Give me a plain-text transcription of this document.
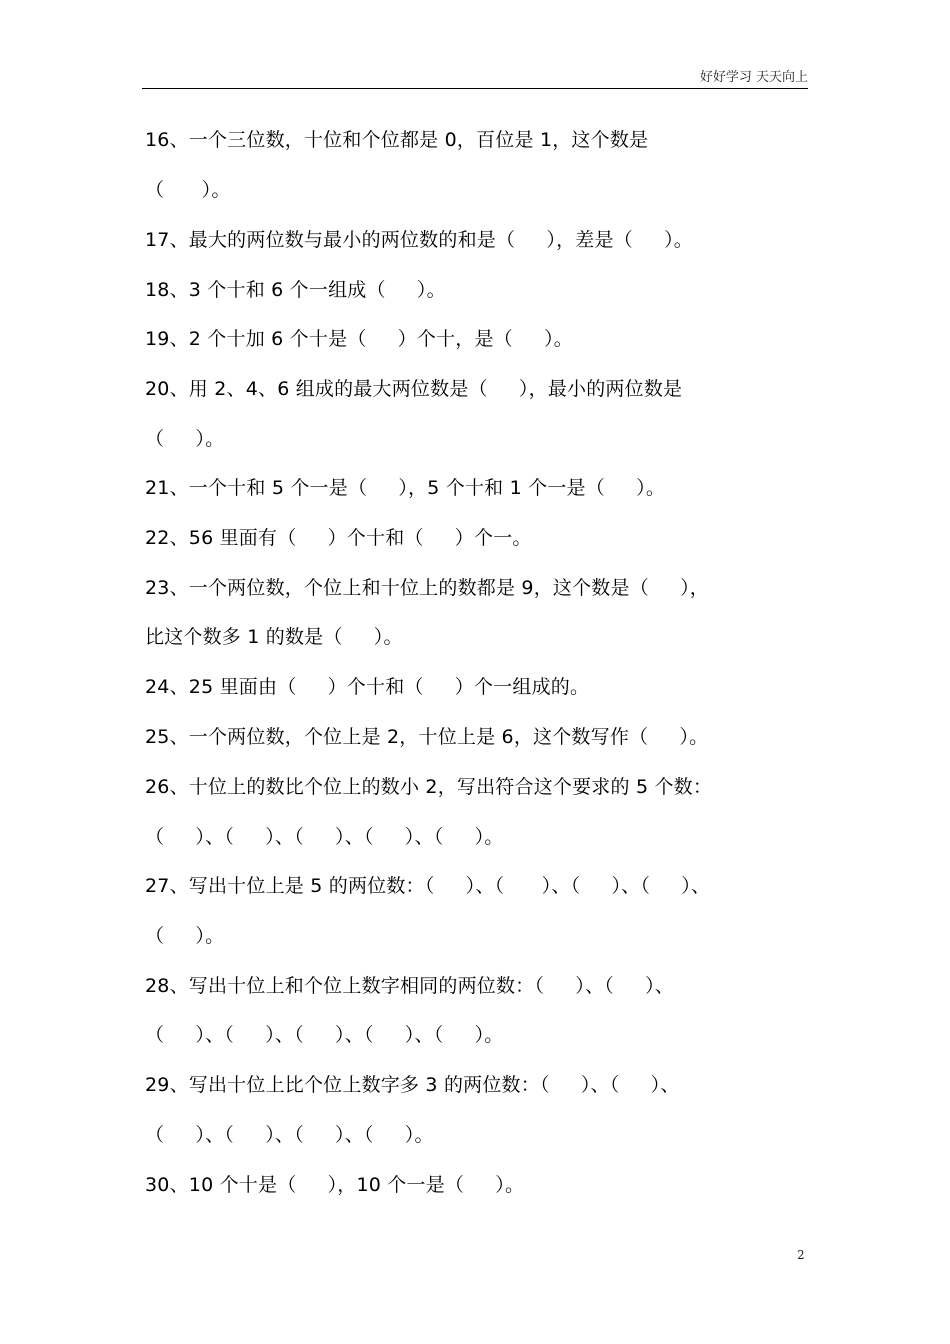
好好学习 天天向上
16、一个三位数，十位和个位都是 0，百位是 1，这个数是
（      ）。
17、最大的两位数与最小的两位数的和是（     ），差是（     ）。
18、3 个十和 6 个一组成（     ）。
19、2 个十加 6 个十是（     ）个十，是（     ）。
20、用 2、4、6 组成的最大两位数是（     ），最小的两位数是
（     ）。
21、一个十和 5 个一是（     ），5 个十和 1 个一是（     ）。
22、56 里面有（     ）个十和（     ）个一。
23、一个两位数，个位上和十位上的数都是 9，这个数是（     ），
比这个数多 1 的数是（     ）。
24、25 里面由（     ）个十和（     ）个一组成的。
25、一个两位数，个位上是 2，十位上是 6，这个数写作（     ）。
26、十位上的数比个位上的数小 2，写出符合这个要求的 5 个数：
（     ）、（     ）、（     ）、（     ）、（     ）。
27、写出十位上是 5 的两位数：（     ）、（      ）、（     ）、（     ）、
（     ）。
28、写出十位上和个位上数字相同的两位数：（     ）、（     ）、
（     ）、（     ）、（     ）、（     ）、（     ）。
29、写出十位上比个位上数字多 3 的两位数：（     ）、（     ）、
（     ）、（     ）、（     ）、（     ）。
30、10 个十是（     ），10 个一是（     ）。
2
